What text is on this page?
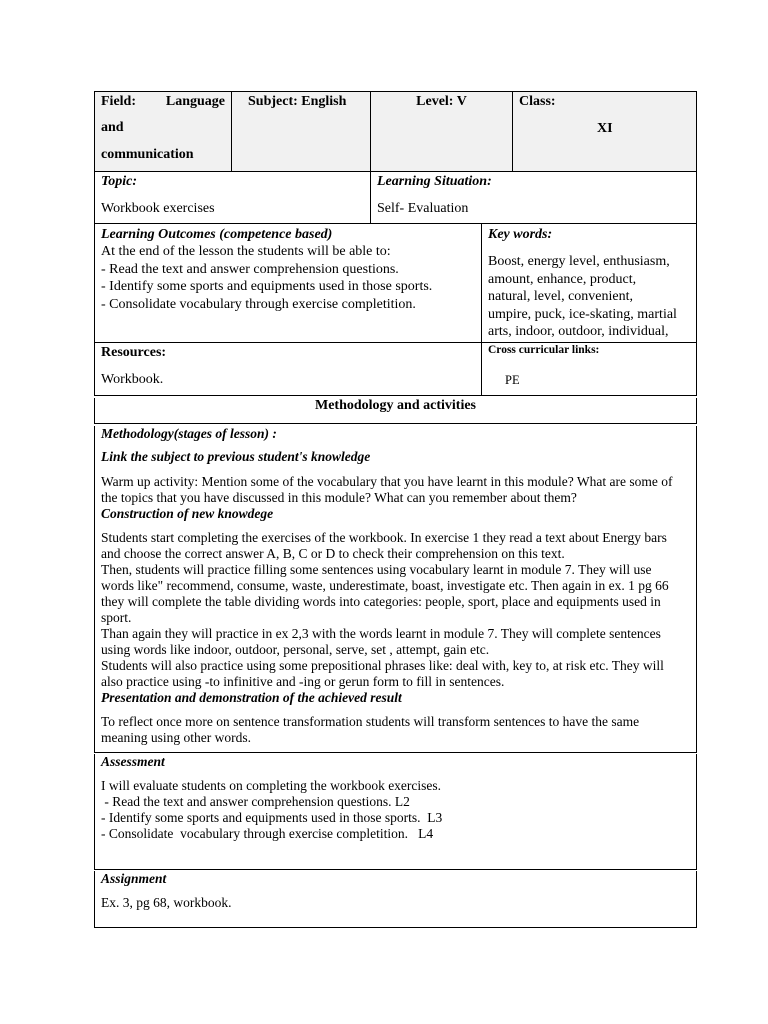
Field: Language
and
communication
Subject: English	Level: V	Class:
XI
Topic:
Workbook exercises
Learning Situation:
Self- Evaluation
Learning Outcomes (competence based)
At the end of the lesson the students will be able to:
- Read the text and answer comprehension questions.
- Identify some sports and equipments used in those sports.
- Consolidate vocabulary through exercise completition.
Key words:
Boost, energy level, enthusiasm,
amount, enhance, product,
natural, level, convenient,
umpire, puck, ice-skating, martial
arts, indoor, outdoor, individual,
Resources:
Workbook.
Cross curricular links:
PE
Methodology and activities
Methodology(stages of lesson) :
Link the subject to previous student's knowledge
Warm up activity: Mention some of the vocabulary that you have learnt in this module? What are some of
the topics that you have discussed in this module? What can you remember about them?
Construction of new knowdege
Students start completing the exercises of the workbook. In exercise 1 they read a text about Energy bars
and choose the correct answer A, B, C or D to check their comprehension on this text.
Then, students will practice filling some sentences using vocabulary learnt in module 7. They will use
words like" recommend, consume, waste, underestimate, boast, investigate etc. Then again in ex. 1 pg 66
they will complete the table dividing words into categories: people, sport, place and equipments used in
sport.
Than again they will practice in ex 2,3 with the words learnt in module 7. They will complete sentences
using words like indoor, outdoor, personal, serve, set , attempt, gain etc.
Students will also practice using some prepositional phrases like: deal with, key to, at risk etc. They will
also practice using -to infinitive and -ing or gerun form to fill in sentences.
Presentation and demonstration of the achieved result
To reflect once more on sentence transformation students will transform sentences to have the same
meaning using other words.
Assessment
I will evaluate students on completing the workbook exercises.
- Read the text and answer comprehension questions. L2
- Identify some sports and equipments used in those sports.  L3
- Consolidate  vocabulary through exercise completition.   L4
Assignment
Ex. 3, pg 68, workbook.
